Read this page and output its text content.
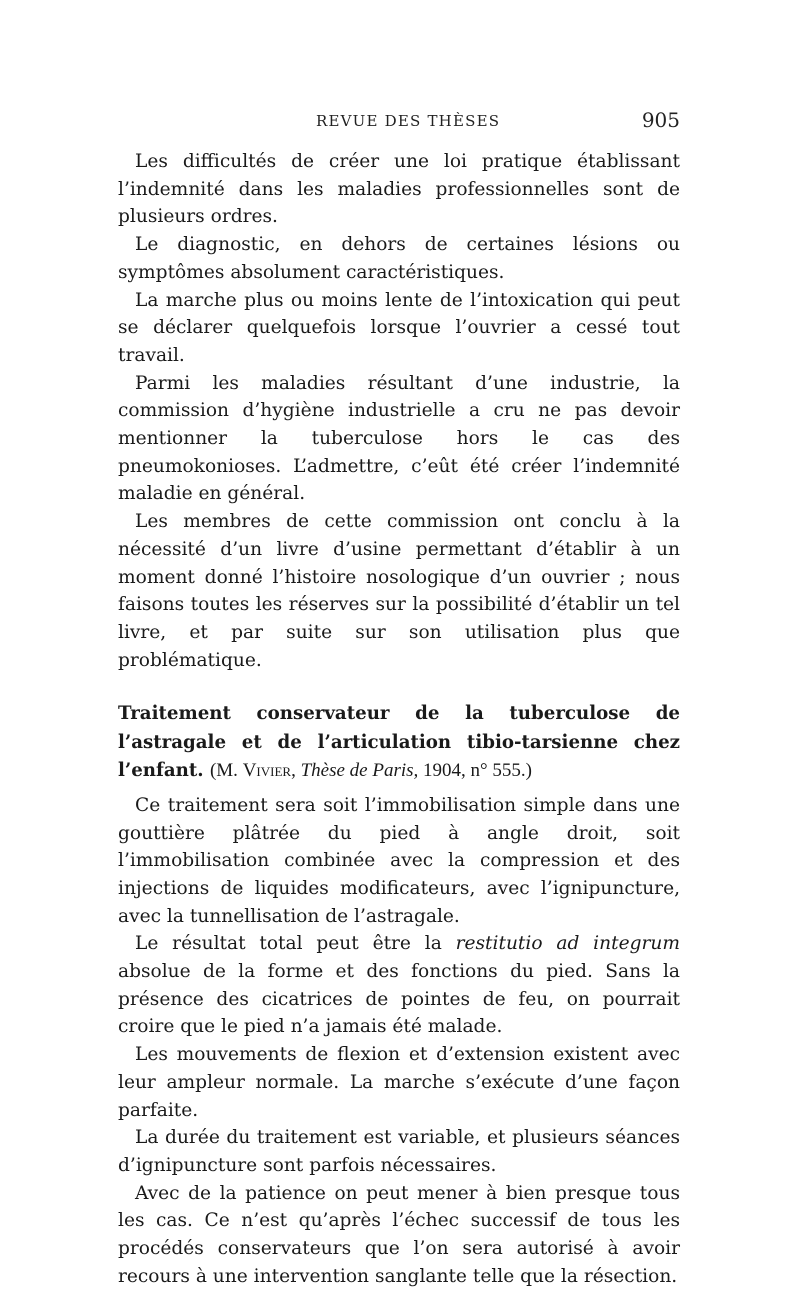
REVUE DES THÈSES	905

Les difficultés de créer une loi pratique établissant l’indemnité dans les maladies professionnelles sont de plusieurs ordres.

Le diagnostic, en dehors de certaines lésions ou symptômes absolument caractéristiques.

La marche plus ou moins lente de l’intoxication qui peut se déclarer quelquefois lorsque l’ouvrier a cessé tout travail.

Parmi les maladies résultant d’une industrie, la commission d’hygiène industrielle a cru ne pas devoir mentionner la tuberculose hors le cas des pneumokonioses. L’admettre, c’eût été créer l’indemnité maladie en général.

Les membres de cette commission ont conclu à la nécessité d’un livre d’usine permettant d’établir à un moment donné l’histoire nosologique d’un ouvrier ; nous faisons toutes les réserves sur la possibilité d’établir un tel livre, et par suite sur son utilisation plus que problématique.

Traitement conservateur de la tuberculose de l’astragale et de l’articulation tibio-tarsienne chez l’enfant. (M. Vivier, Thèse de Paris, 1904, n° 555.)

Ce traitement sera soit l’immobilisation simple dans une gouttière plâtrée du pied à angle droit, soit l’immobilisation combinée avec la compression et des injections de liquides modificateurs, avec l’ignipuncture, avec la tunnellisation de l’astragale.

Le résultat total peut être la restitutio ad integrum absolue de la forme et des fonctions du pied. Sans la présence des cicatrices de pointes de feu, on pourrait croire que le pied n’a jamais été malade.

Les mouvements de flexion et d’extension existent avec leur ampleur normale. La marche s’exécute d’une façon parfaite.

La durée du traitement est variable, et plusieurs séances d’ignipuncture sont parfois nécessaires.

Avec de la patience on peut mener à bien presque tous les cas. Ce n’est qu’après l’échec successif de tous les procédés conservateurs que l’on sera autorisé à avoir recours à une intervention sanglante telle que la résection.
